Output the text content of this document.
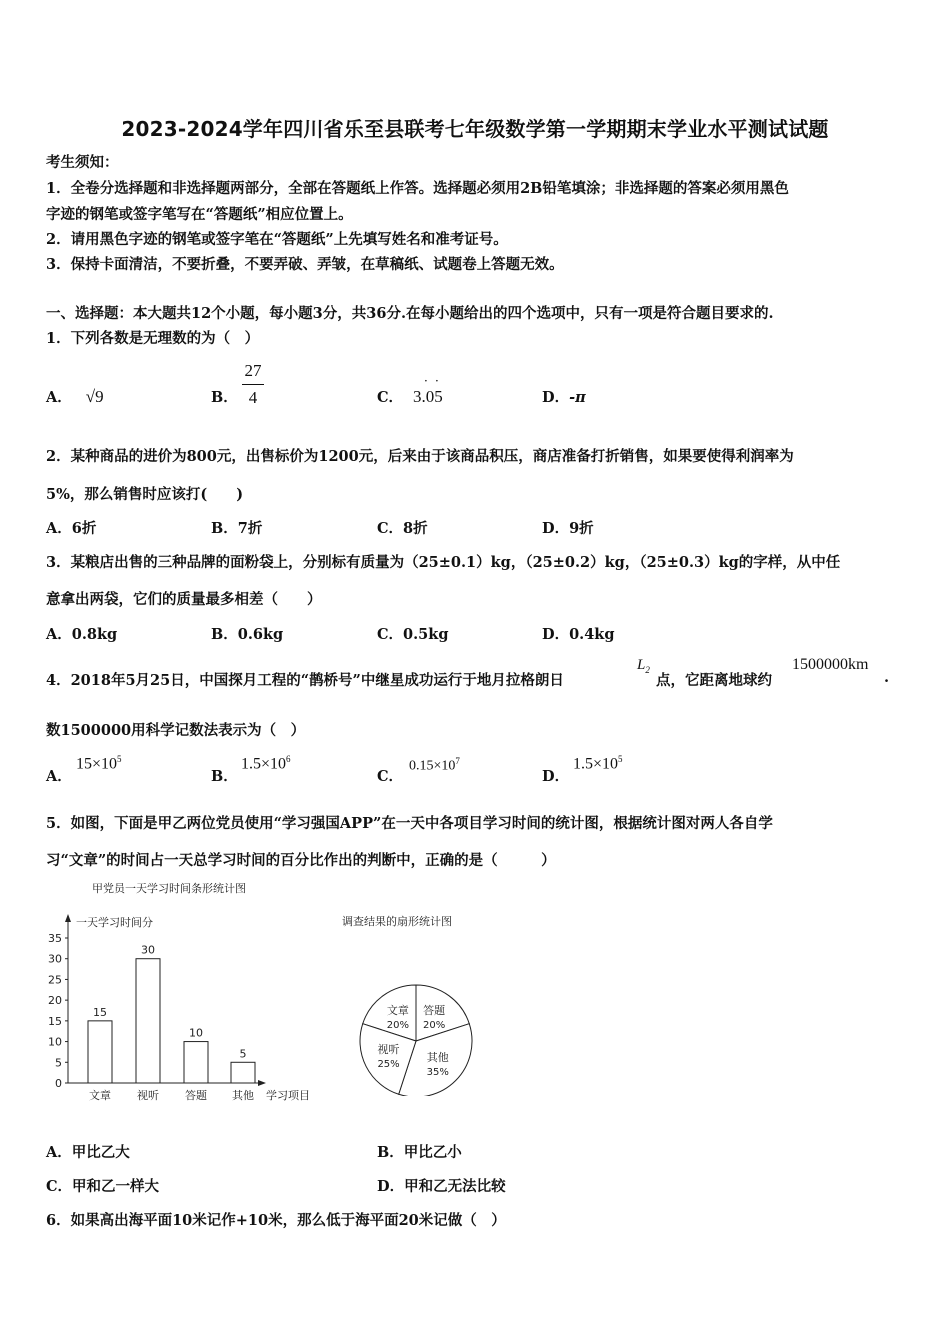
2023-2024学年四川省乐至县联考七年级数学第一学期期末学业水平测试试题
考生须知：
1．全卷分选择题和非选择题两部分，全部在答题纸上作答。选择题必须用2B铅笔填涂；非选择题的答案必须用黑色
字迹的钢笔或签字笔写在“答题纸”相应位置上。
2．请用黑色字迹的钢笔或签字笔在“答题纸”上先填写姓名和准考证号。
3．保持卡面清洁，不要折叠，不要弄破、弄皱，在草稿纸、试题卷上答题无效。
一、选择题：本大题共12个小题，每小题3分，共36分.在每小题给出的四个选项中，只有一项是符合题目要求的.
1．下列各数是无理数的为（　）
A． √9	B．
27
4	C． 3.05
· ·
D．-π
2．某种商品的进价为800元，出售标价为1200元，后来由于该商品积压，商店准备打折销售，如果要使得利润率为
5%，那么销售时应该打(　　)
A．6折	B．7折	C．8折	D．9折
3．某粮店出售的三种品牌的面粉袋上，分别标有质量为（25±0.1）kg，（25±0.2）kg，（25±0.3）kg的字样，从中任
意拿出两袋，它们的质量最多相差（　　）
A．0.8kg	B．0.6kg	C．0.5kg	D．0.4kg
4．2018年5月25日，中国探月工程的“鹊桥号”中继星成功运行于地月拉格朗日
$L_2$
点，它距离地球约
1500000km
.
数1500000用科学记数法表示为（　）
A．
$15\times 10^5$
B．
$1.5\times 10^6$
C．
$0.15\times 10^7$
D．
$1.5\times 10^5$
5．如图，下面是甲乙两位党员使用“学习强国APP”在一天中各项目学习时间的统计图，根据统计图对两人各自学
习“文章”的时间占一天总学习时间的百分比作出的判断中，正确的是（　　　）
甲党员一天学习时间条形统计图
一天学习时间分
学习项目
0
5
10
15
20
25
30
35
15
文章
30
视听
10
答题
5
其他
调查结果的扇形统计图
文章
20%
答题
20%
其他
35%
视听
25%
A．甲比乙大	B．甲比乙小
C．甲和乙一样大	D．甲和乙无法比较
6．如果高出海平面10米记作+10米，那么低于海平面20米记做（　）
